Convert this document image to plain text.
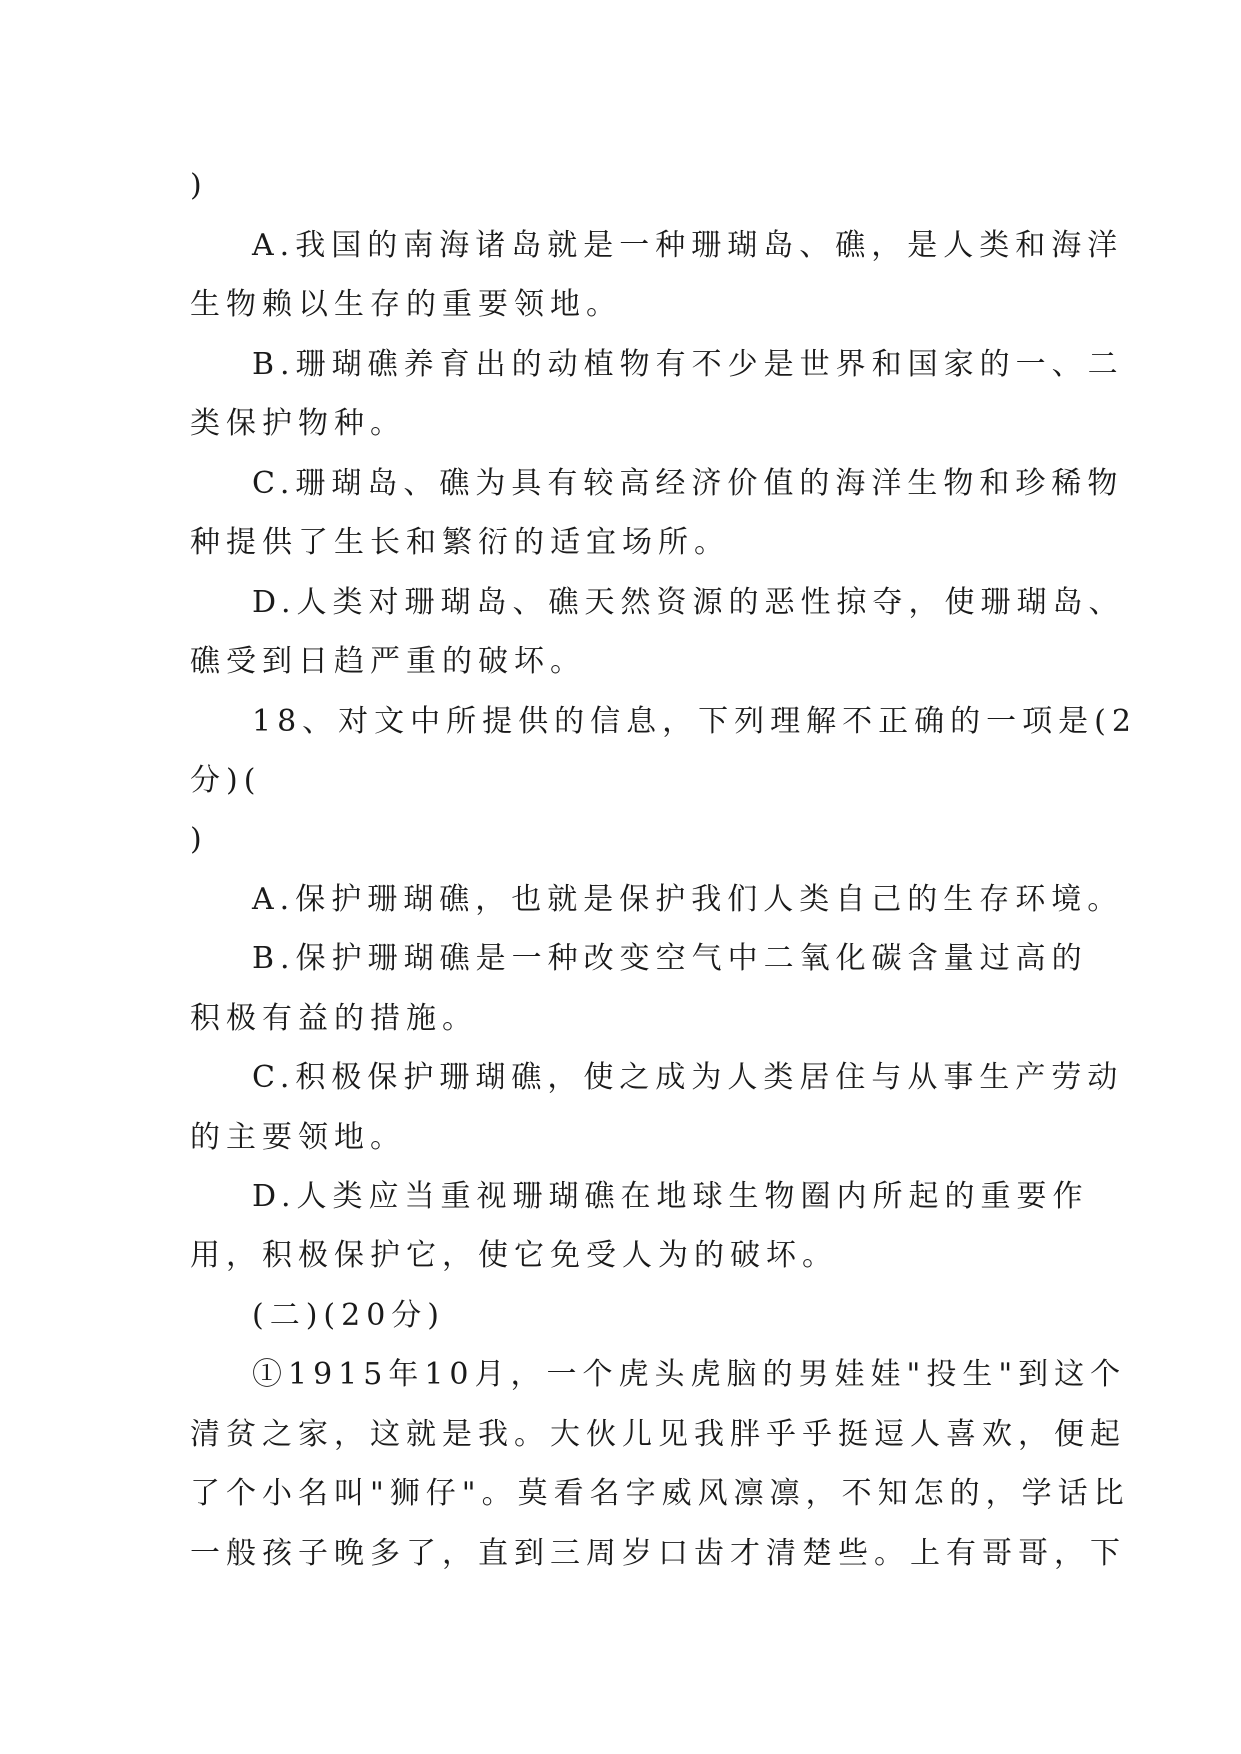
)
A.我国的南海诸岛就是一种珊瑚岛、礁，是人类和海洋
生物赖以生存的重要领地。
B.珊瑚礁养育出的动植物有不少是世界和国家的一、二
类保护物种。
C.珊瑚岛、礁为具有较高经济价值的海洋生物和珍稀物
种提供了生长和繁衍的适宜场所。
D.人类对珊瑚岛、礁天然资源的恶性掠夺，使珊瑚岛、
礁受到日趋严重的破坏。
18、对文中所提供的信息，下列理解不正确的一项是(2
分)(
)
A.保护珊瑚礁，也就是保护我们人类自己的生存环境。
B.保护珊瑚礁是一种改变空气中二氧化碳含量过高的
积极有益的措施。
C.积极保护珊瑚礁，使之成为人类居住与从事生产劳动
的主要领地。
D.人类应当重视珊瑚礁在地球生物圈内所起的重要作
用，积极保护它，使它免受人为的破坏。
(二)(20分)
①1915年10月，一个虎头虎脑的男娃娃"投生"到这个
清贫之家，这就是我。大伙儿见我胖乎乎挺逗人喜欢，便起
了个小名叫"狮仔"。莫看名字威风凛凛，不知怎的，学话比
一般孩子晚多了，直到三周岁口齿才清楚些。上有哥哥，下
